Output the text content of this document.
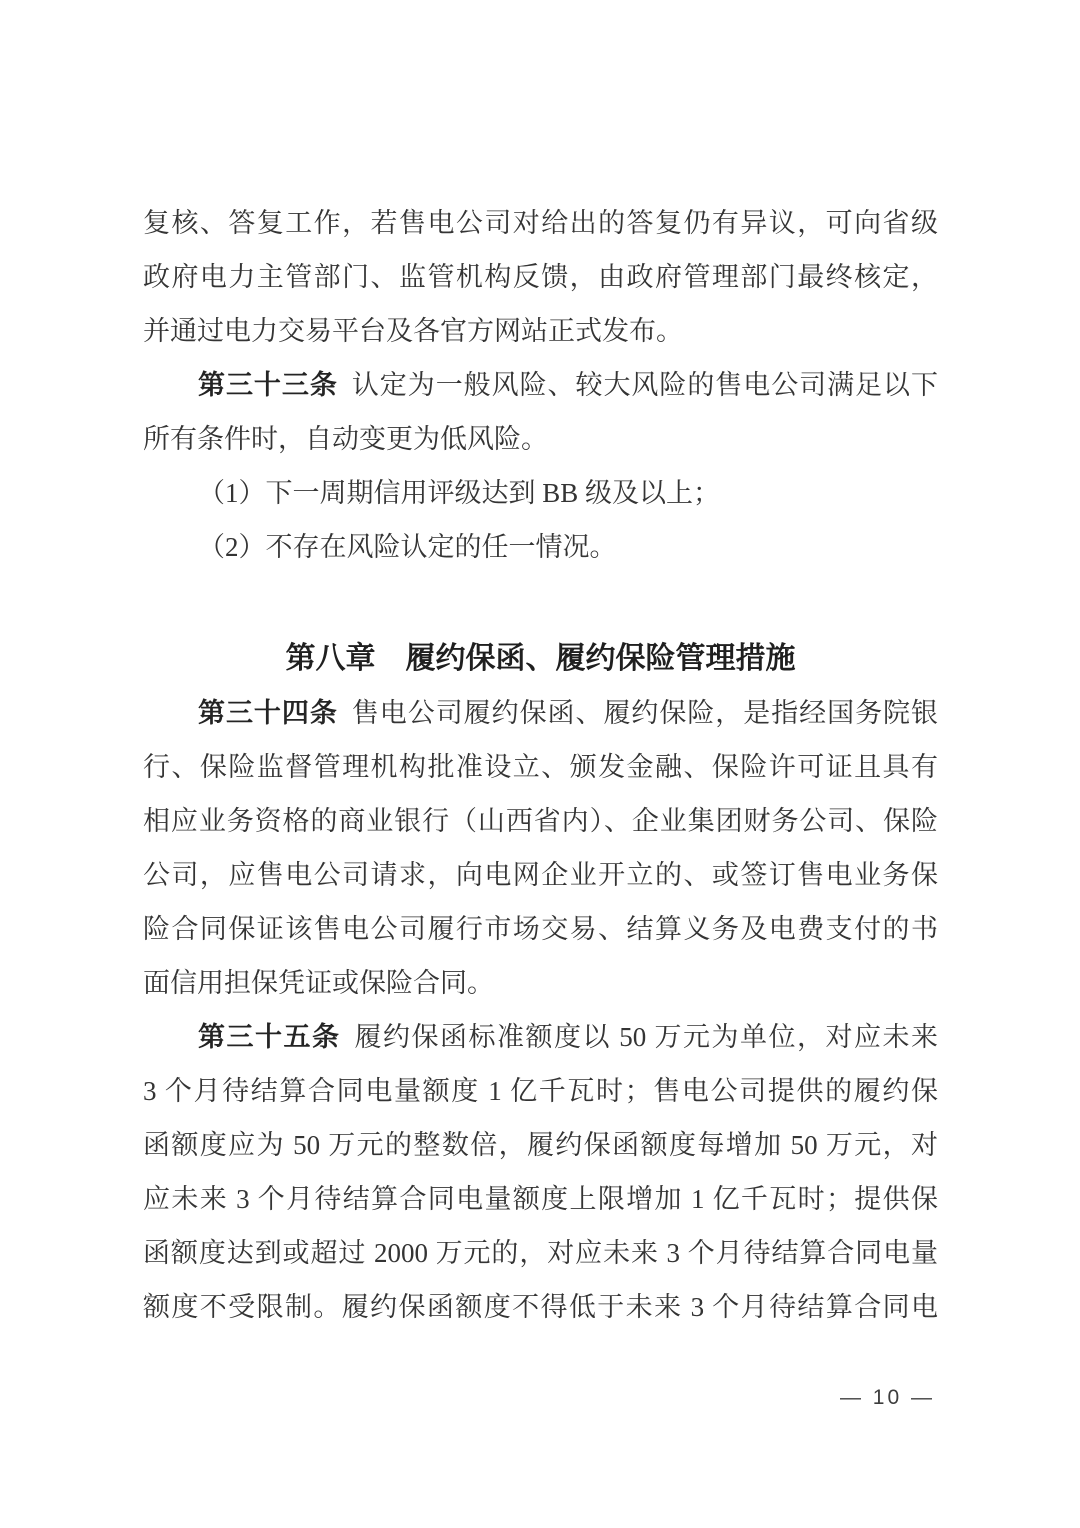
复核、答复工作，若售电公司对给出的答复仍有异议，可向省级
政府电力主管部门、监管机构反馈，由政府管理部门最终核定，
并通过电力交易平台及各官方网站正式发布。
第三十三条 认定为一般风险、较大风险的售电公司满足以下
所有条件时，自动变更为低风险。
（1）下一周期信用评级达到 BB 级及以上；
（2）不存在风险认定的任一情况。
第八章　履约保函、履约保险管理措施
第三十四条 售电公司履约保函、履约保险，是指经国务院银
行、保险监督管理机构批准设立、颁发金融、保险许可证且具有
相应业务资格的商业银行（山西省内）、企业集团财务公司、保险
公司，应售电公司请求，向电网企业开立的、或签订售电业务保
险合同保证该售电公司履行市场交易、结算义务及电费支付的书
面信用担保凭证或保险合同。
第三十五条 履约保函标准额度以 50 万元为单位，对应未来
3 个月待结算合同电量额度 1 亿千瓦时；售电公司提供的履约保
函额度应为 50 万元的整数倍，履约保函额度每增加 50 万元，对
应未来 3 个月待结算合同电量额度上限增加 1 亿千瓦时；提供保
函额度达到或超过 2000 万元的，对应未来 3 个月待结算合同电量
额度不受限制。履约保函额度不得低于未来 3 个月待结算合同电
— 10 —
